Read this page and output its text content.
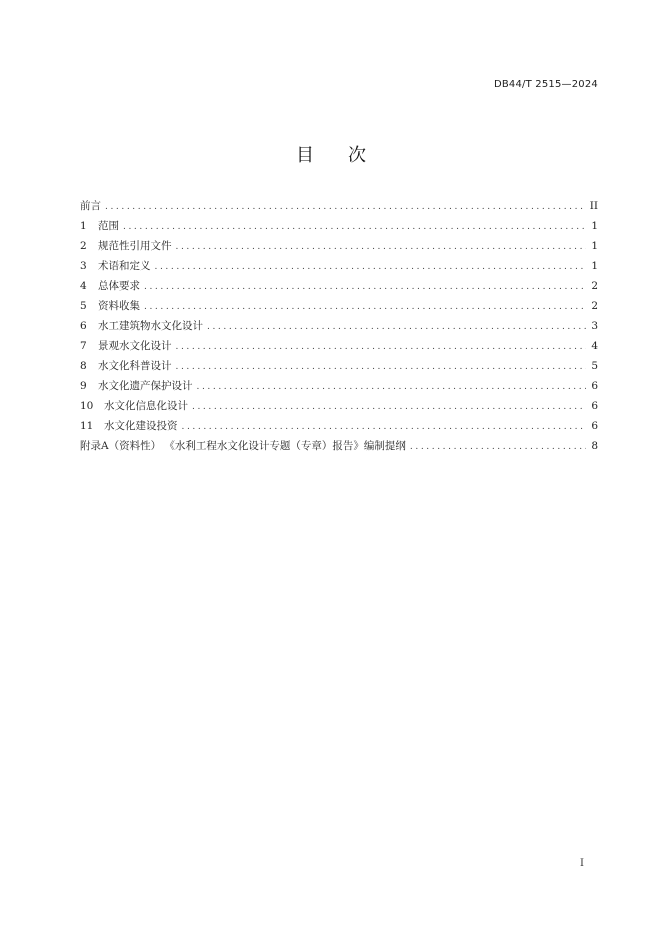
DB44/T 2515—2024
目 次
前言 .....	II
1	范围 .....	1
2	规范性引用文件 .....	1
3	术语和定义 .....	1
4	总体要求 .....	2
5	资料收集 .....	2
6	水工建筑物水文化设计 .....	3
7	景观水文化设计 .....	4
8	水文化科普设计 .....	5
9	水文化遗产保护设计 .....	6
10	水文化信息化设计 .....	6
11	水文化建设投资 .....	6
附录A（资料性） 《水利工程水文化设计专题（专章）报告》编制提纲 .....	8
I
